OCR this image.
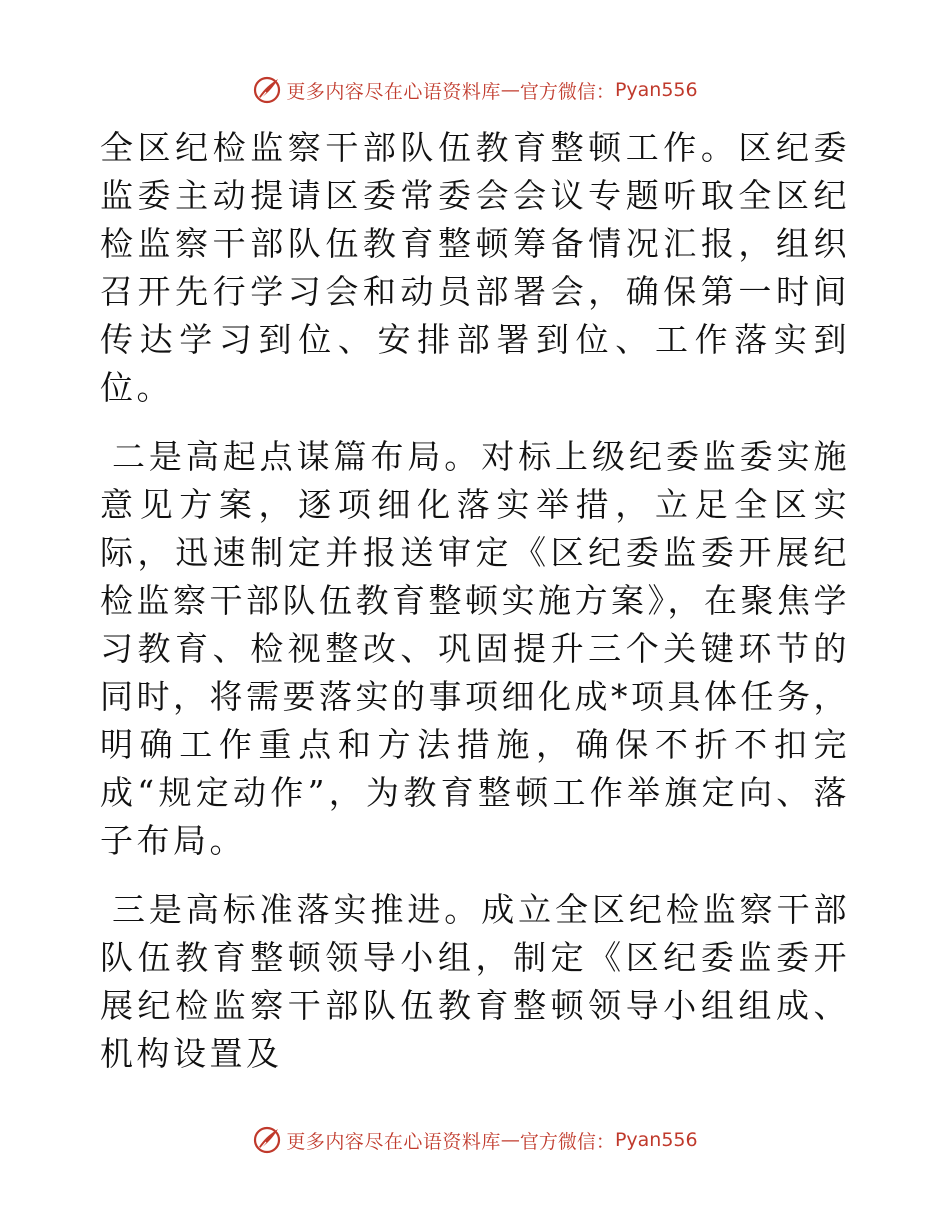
更多内容尽在心语资料库 — 官方微信： Pyan556

全区纪检监察干部队伍教育整顿工作。区纪委监委主动提请区委常委会会议专题听取全区纪检监察干部队伍教育整顿筹备情况汇报，组织召开先行学习会和动员部署会，确保第一时间传达学习到位、安排部署到位、工作落实到位。

二是高起点谋篇布局。对标上级纪委监委实施意见方案，逐项细化落实举措，立足全区实际，迅速制定并报送审定《区纪委监委开展纪检监察干部队伍教育整顿实施方案》，在聚焦学习教育、检视整改、巩固提升三个关键环节的同时，将需要落实的事项细化成*项具体任务，明确工作重点和方法措施，确保不折不扣完成“规定动作”，为教育整顿工作举旗定向、落子布局。

三是高标准落实推进。成立全区纪检监察干部队伍教育整顿领导小组，制定《区纪委监委开展纪检监察干部队伍教育整顿领导小组组成、机构设置及

更多内容尽在心语资料库 — 官方微信： Pyan556
